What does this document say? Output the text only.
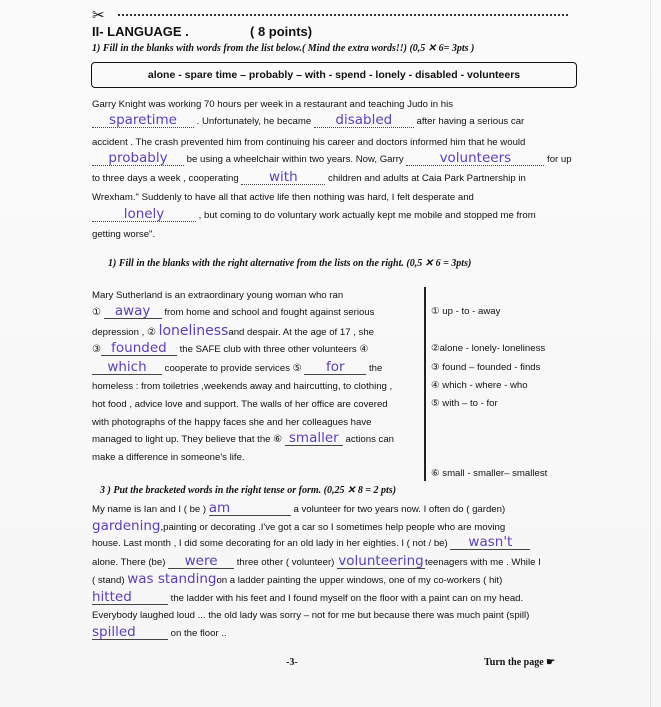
✂
II- LANGUAGE .	( 8 points)
1) Fill in the blanks with words from the list below.( Mind the extra words!!) (0,5 ✕ 6= 3pts )
alone - spare time – probably – with - spend - lonely - disabled - volunteers
Garry Knight was working 70 hours per week in a restaurant and teaching Judo in his
sparetime . Unfortunately, he became disabled	after having a serious car
accident . The crash prevented him from continuing his career and doctors informed him that he would
probably be using a wheelchair within two years. Now, Garry	volunteers	for up
to three days a week , cooperating with	children and adults at Caia Park Partnership in
Wrexham." Suddenly to have all that active life then nothing was hard, I felt desperate and
lonely	, but coming to do voluntary work actually kept me mobile and stopped me from
getting worse".
1) Fill in the blanks with the right alternative from the lists on the right. (0,5 ✕ 6 = 3pts)
Mary Sutherland is an extraordinary young woman who ran
① away from home and school and fought against serious
depression , ② lonelinessand despair. At the age of 17 , she
③ founded the SAFE club with three other volunteers ④
which cooperate to provide services ⑤ for	the
homeless : from toiletries ,weekends away and haircutting, to clothing ,
hot food , advice love and support. The walls of her office are covered
with photographs of the happy faces she and her colleagues have
managed to light up. They believe that the ⑥ smaller actions can
make a difference in someone's life.
① up - to - away
②alone - lonely- loneliness
③ found – founded - finds
④ which - where - who
⑤ with – to - for
⑥ small - smaller– smallest
3 ) Put the bracketed words in the right tense or form. (0,25 ✕ 8 = 2 pts)
My name is Ian and I ( be ) am	a volunteer for two years now. I often do ( garden)
gardening,painting or decorating .I've got a car so I sometimes help people who are moving
house. Last month , I did some decorating for an old lady in her eighties. I ( not / be) wasn't
alone. There (be) were three other ( volunteer) volunteeringteenagers with me . While I
( stand) was standingon a ladder painting the upper windows, one of my co-workers ( hit)
hitted	the ladder with his feet and I found myself on the floor with a paint can on my head.
Everybody laughed loud ... the old lady was sorry – not for me but because there was much paint (spill)
spilled	on the floor ..
-3-	Turn the page ☛
